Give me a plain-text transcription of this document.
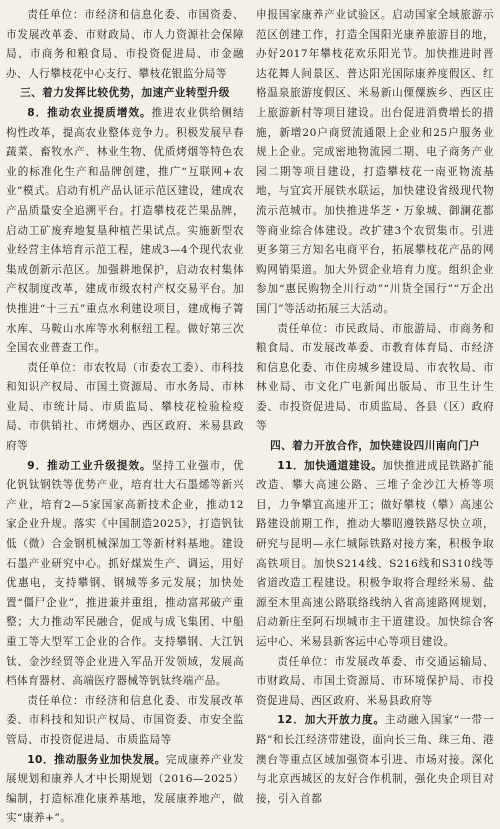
责任单位：市经济和信息化委、市国资委、市发展改革委、市财政局、市人力资源社会保障局、市商务和粮食局、市投资促进局、市金融办、人行攀枝花中心支行、攀枝花银监分局等

三、着力发挥比较优势，加速产业转型升级

8．推动农业提质增效。推进农业供给侧结构性改革，提高农业整体竞争力。积极发展早春蔬菜、畜牧水产、林业生物、优质烤烟等特色农业的标准化生产和品牌创建，推广“互联网+农业”模式。启动有机产品认证示范区建设，建成农产品质量安全追溯平台。打造攀枝花芒果品牌，启动工矿废弃地复垦种植芒果试点。实施新型农业经营主体培育示范工程，建成3—4个现代农业集成创新示范区。加强耕地保护，启动农村集体产权制度改革，建成市级农村产权交易平台。加快推进“十三五”重点水利建设项目，建成梅子箐水库、马鞍山水库等水利枢纽工程。做好第三次全国农业普查工作。

责任单位：市农牧局（市委农工委）、市科技和知识产权局、市国土资源局、市水务局、市林业局、市统计局、市质监局、攀枝花检验检疫局、市供销社、市烤烟办、西区政府、米易县政府等

9．推动工业升级提效。坚持工业强市，优化钒钛钢铁等优势产业，培育壮大石墨烯等新兴产业，培育2—5家国家高新技术企业，推动12家企业升规。落实《中国制造2025》，打造钒钛低（微）合金钢机械深加工等新材料基地。建设石墨产业研究中心。抓好煤炭生产、调运，用好优惠电，支持攀钢、钢城等多元发展；加快处置“僵尸企业”，推进兼并重组，推动富邦破产重整；大力推动军民融合，促成与成飞集团、中船重工等大型军工企业的合作。支持攀钢、大江钒钛、金沙经贸等企业进入军品开发领域，发展高档体育器材、高端医疗器械等钒钛终端产品。

责任单位：市经济和信息化委、市发展改革委、市科技和知识产权局、市国资委、市安全监管局、市投资促进局、市质监局等

10．推动服务业加快发展。完成康养产业发展规划和康养人才中长期规划（2016—2025）编制，打造标准化康养基地，发展康养地产，做实“康养+”。

申报国家康养产业试验区。启动国家全域旅游示范区创建工作，打造全国阳光康养旅游目的地，办好2017年攀枝花欢乐阳光节。加快推进时晋达花舞人间景区、普达阳光国际康养度假区、红格温泉旅游度假区、米易新山傈僳族乡、西区庄上旅游新村等项目建设。出台促进消费增长的措施，新增20户商贸流通限上企业和25户服务业规上企业。完成密地物流园二期、电子商务产业园二期等项目建设，打造攀枝花一南亚物流基地，与宜宾开展铁水联运，加快建设省级现代物流示范城市。加快推进华芝・万象城、御澜花都等商业综合体建设。改扩建3个农贸集市。引进更多第三方知名电商平台，拓展攀枝花产品的网购网销渠道。加大外贸企业培育力度。组织企业参加“惠民购物全川行动”“川货全国行”“万企出国门”等活动拓展三大活动。

责任单位：市民政局、市旅游局、市商务和粮食局、市发展改革委、市教育体育局、市经济和信息化委、市住房城乡建设局、市农牧局、市林业局、市文化广电新闻出版局、市卫生计生委、市投资促进局、市质监局、各县（区）政府等

四、着力开放合作，加快建设四川南向门户

11．加快通道建设。加快推进成昆铁路扩能改造、攀大高速公路、三堆子金沙江大桥等项目，力争攀宜高速开工；做好攀枝（攀）高速公路建设前期工作，推动大攀昭遵铁路尽快立项，研究与昆明—永仁城际铁路对接方案，积极争取高铁项目。加快S214线、S216线和S310线等省道改造工程建设。积极争取将合理经米易、盐源至木里高速公路联络线纳入省高速路网规划，启动新庄至阿石坝城市主干道建设。加快综合客运中心、米易县新客运中心等项目建设。

责任单位：市发展改革委、市交通运输局、市财政局、市国土资源局、市环境保护局、市投资促进局、西区政府、米易县政府等

12．加大开放力度。主动融入国家“一带一路”和长江经济带建设，面向长三角、珠三角、港澳台等重点区域加强资本引进、市场对接。深化与北京西城区的友好合作机制，强化央企项目对接，引入首都
